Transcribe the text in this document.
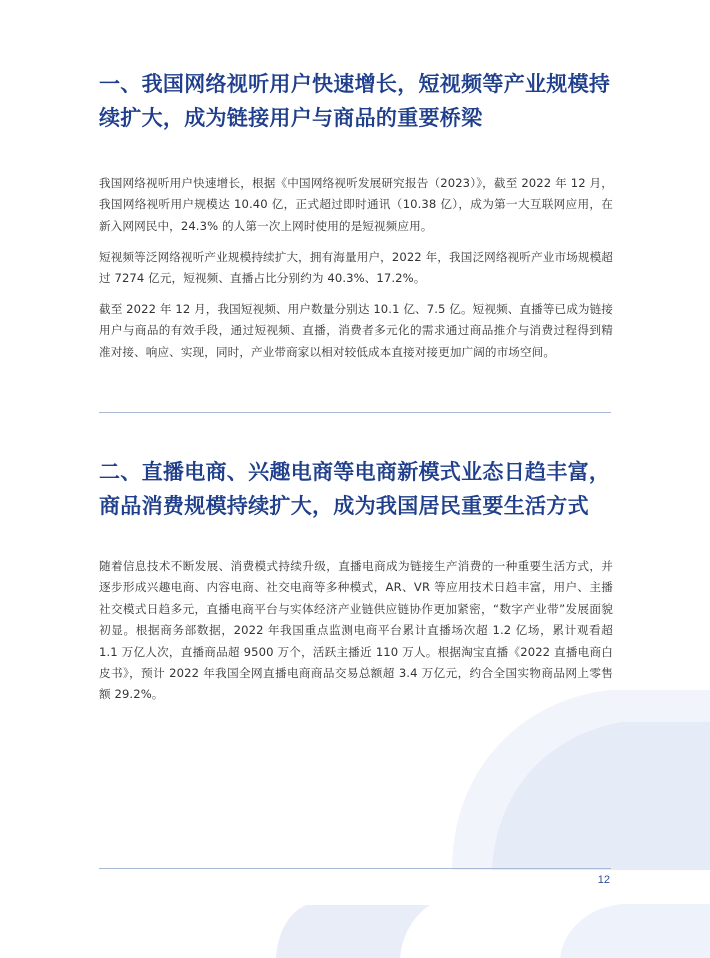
一、我国网络视听用户快速增长，短视频等产业规模持续扩大，成为链接用户与商品的重要桥梁

我国网络视听用户快速增长，根据《中国网络视听发展研究报告（2023）》，截至 2022 年 12 月，我国网络视听用户规模达 10.40 亿，正式超过即时通讯（10.38 亿），成为第一大互联网应用，在新入网网民中，24.3% 的人第一次上网时使用的是短视频应用。

短视频等泛网络视听产业规模持续扩大，拥有海量用户，2022 年，我国泛网络视听产业市场规模超过 7274 亿元，短视频、直播占比分别约为 40.3%、17.2%。

截至 2022 年 12 月，我国短视频、用户数量分别达 10.1 亿、7.5 亿。短视频、直播等已成为链接用户与商品的有效手段，通过短视频、直播，消费者多元化的需求通过商品推介与消费过程得到精准对接、响应、实现，同时，产业带商家以相对较低成本直接对接更加广阔的市场空间。

二、直播电商、兴趣电商等电商新模式业态日趋丰富，商品消费规模持续扩大，成为我国居民重要生活方式

随着信息技术不断发展、消费模式持续升级，直播电商成为链接生产消费的一种重要生活方式，并逐步形成兴趣电商、内容电商、社交电商等多种模式，AR、VR 等应用技术日趋丰富，用户、主播社交模式日趋多元，直播电商平台与实体经济产业链供应链协作更加紧密，“数字产业带”发展面貌初显。根据商务部数据，2022 年我国重点监测电商平台累计直播场次超 1.2 亿场，累计观看超 1.1 万亿人次，直播商品超 9500 万个，活跃主播近 110 万人。根据淘宝直播《2022 直播电商白皮书》，预计 2022 年我国全网直播电商商品交易总额超 3.4 万亿元，约合全国实物商品网上零售额 29.2%。

12
